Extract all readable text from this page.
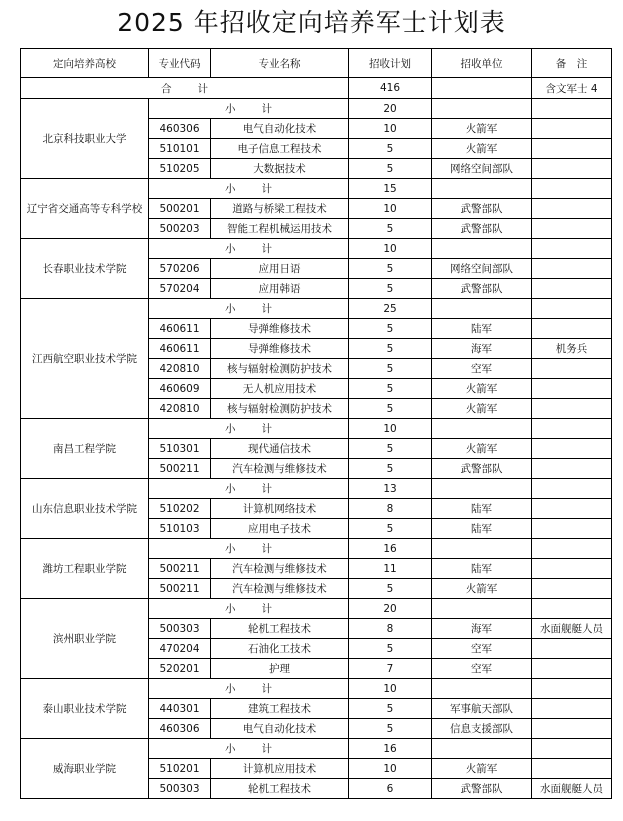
2025 年招收定向培养军士计划表
定向培养高校	专业代码	专业名称	招收计划	招收单位	备　注
合 计			416		含文军士 4
北京科技职业大学	小 计		20		
	460306	电气自动化技术	10	火箭军	
	510101	电子信息工程技术	5	火箭军	
	510205	大数据技术	5	网络空间部队	
辽宁省交通高等专科学校	小 计		15		
	500201	道路与桥梁工程技术	10	武警部队	
	500203	智能工程机械运用技术	5	武警部队	
长春职业技术学院	小 计		10		
	570206	应用日语	5	网络空间部队	
	570204	应用韩语	5	武警部队	
江西航空职业技术学院	小 计		25		
	460611	导弹维修技术	5	陆军	
	460611	导弹维修技术	5	海军	机务兵
	420810	核与辐射检测防护技术	5	空军	
	460609	无人机应用技术	5	火箭军	
	420810	核与辐射检测防护技术	5	火箭军	
南昌工程学院	小 计		10		
	510301	现代通信技术	5	火箭军	
	500211	汽车检测与维修技术	5	武警部队	
山东信息职业技术学院	小 计		13		
	510202	计算机网络技术	8	陆军	
	510103	应用电子技术	5	陆军	
潍坊工程职业学院	小 计		16		
	500211	汽车检测与维修技术	11	陆军	
	500211	汽车检测与维修技术	5	火箭军	
滨州职业学院	小 计		20		
	500303	轮机工程技术	8	海军	水面舰艇人员
	470204	石油化工技术	5	空军	
	520201	护理	7	空军	
泰山职业技术学院	小 计		10		
	440301	建筑工程技术	5	军事航天部队	
	460306	电气自动化技术	5	信息支援部队	
威海职业学院	小 计		16		
	510201	计算机应用技术	10	火箭军	
	500303	轮机工程技术	6	武警部队	水面舰艇人员
